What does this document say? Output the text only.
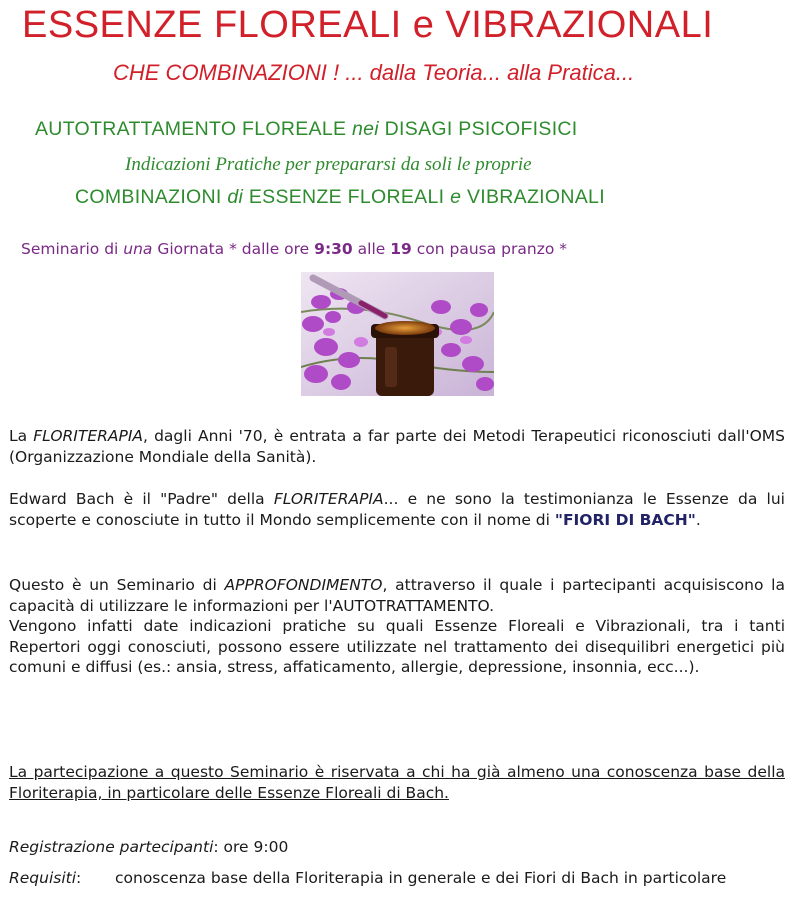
ESSENZE FLOREALI e VIBRAZIONALI
CHE COMBINAZIONI ! ... dalla Teoria... alla Pratica...
AUTOTRATTAMENTO FLOREALE nei DISAGI PSICOFISICI
Indicazioni Pratiche per prepararsi da soli le proprie
COMBINAZIONI di ESSENZE FLOREALI e VIBRAZIONALI
Seminario di una Giornata * dalle ore 9:30 alle 19 con pausa pranzo *
La FLORITERAPIA, dagli Anni '70, è entrata a far parte dei Metodi Terapeutici riconosciuti dall'OMS (Organizzazione Mondiale della Sanità).
Edward Bach è il "Padre" della FLORITERAPIA... e ne sono la testimonianza le Essenze da lui scoperte e conosciute in tutto il Mondo semplicemente con il nome di "FIORI DI BACH".
Questo è un Seminario di APPROFONDIMENTO, attraverso il quale i partecipanti acquisiscono la capacità di utilizzare le informazioni per l'AUTOTRATTAMENTO.
Vengono infatti date indicazioni pratiche su quali Essenze Floreali e Vibrazionali, tra i tanti Repertori oggi conosciuti, possono essere utilizzate nel trattamento dei disequilibri energetici più comuni e diffusi (es.: ansia, stress, affaticamento, allergie, depressione, insonnia, ecc...).
La partecipazione a questo Seminario è riservata a chi ha già almeno una conoscenza base della Floriterapia, in particolare delle Essenze Floreali di Bach.
Registrazione partecipanti: ore 9:00
Requisiti:	conoscenza base della Floriterapia in generale e dei Fiori di Bach in particolare
